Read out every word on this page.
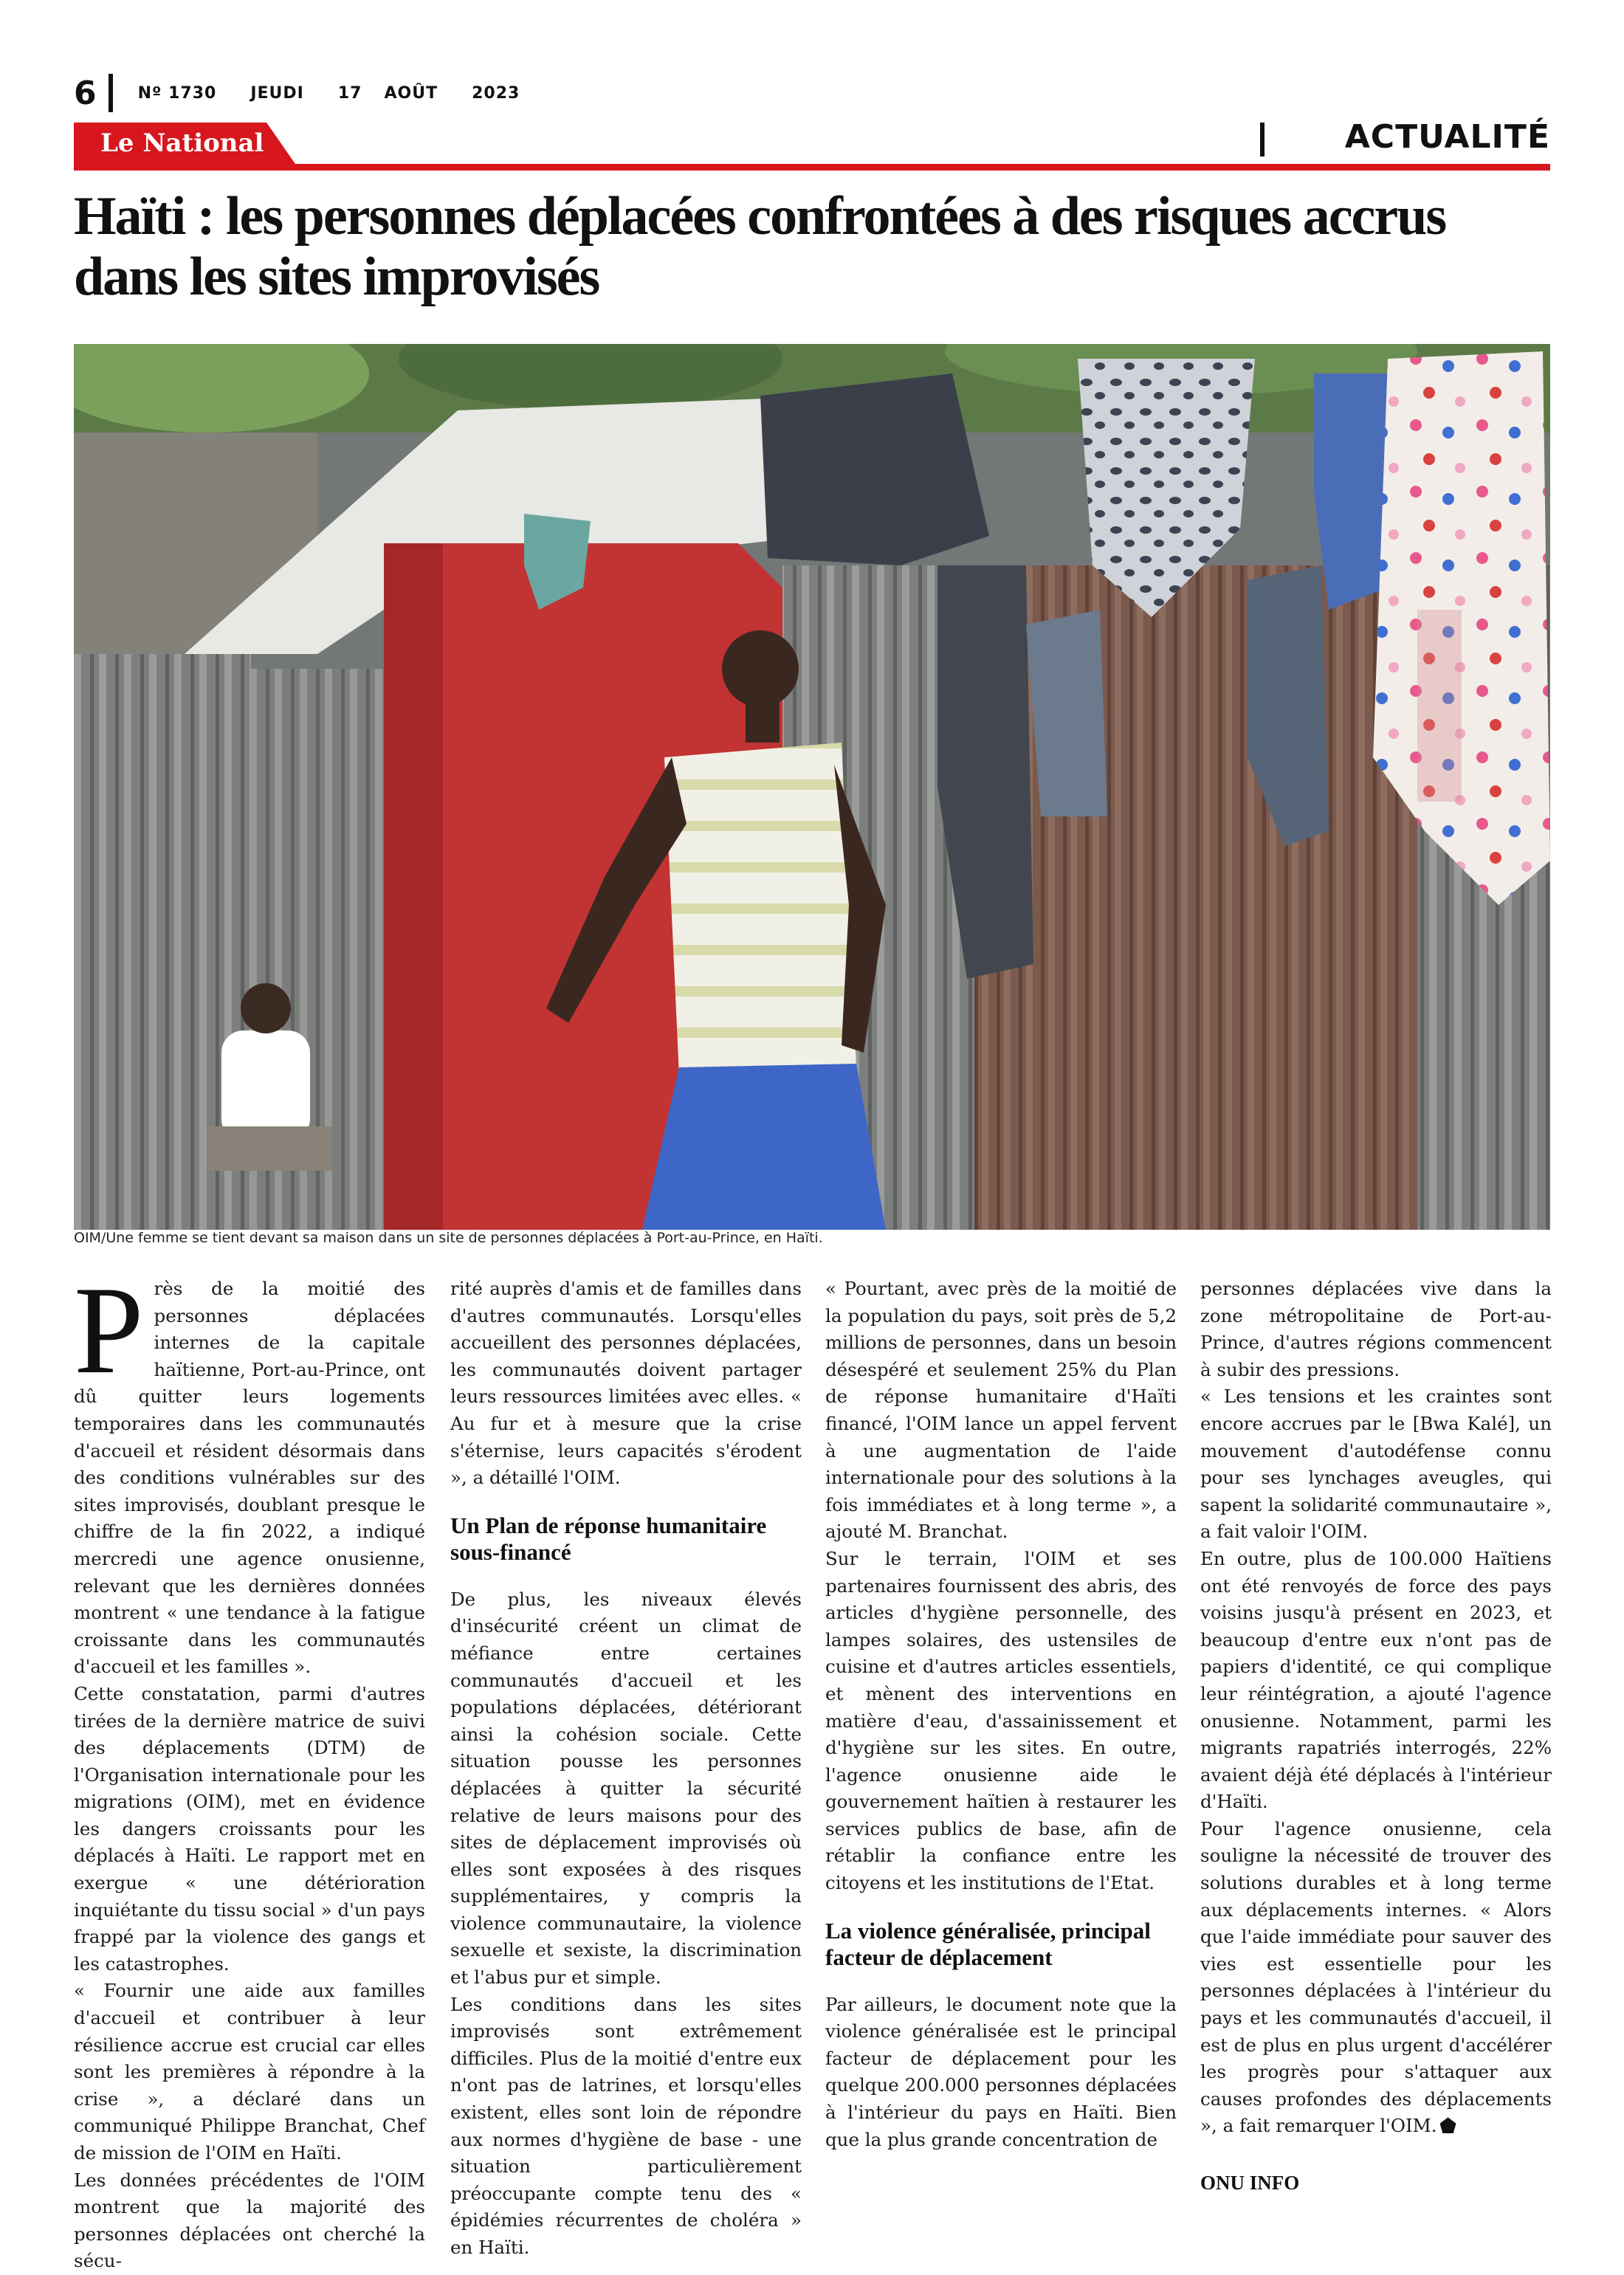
6	Nº 1730 JEUDI 17 AOÛT 2023
Le National	ACTUALITÉ
Haïti : les personnes déplacées confrontées à des risques accrus dans les sites improvisés
OIM/Une femme se tient devant sa maison dans un site de personnes déplacées à Port-au-Prince, en Haïti.
P rès de la moitié des personnes déplacées internes de la capitale haïtienne, Port-au-Prince, ont dû quitter leurs logements temporaires dans les communautés d'accueil et résident désormais dans des conditions vulnérables sur des sites improvisés, doublant presque le chiffre de la fin 2022, a indiqué mercredi une agence onusienne, relevant que les dernières données montrent « une tendance à la fatigue croissante dans les communautés d'accueil et les familles ».

Cette constatation, parmi d'autres tirées de la dernière matrice de suivi des déplacements (DTM) de l'Organisation internationale pour les migrations (OIM), met en évidence les dangers croissants pour les déplacés à Haïti. Le rapport met en exergue « une détérioration inquiétante du tissu social » d'un pays frappé par la violence des gangs et les catastrophes.

« Fournir une aide aux familles d'accueil et contribuer à leur résilience accrue est crucial car elles sont les premières à répondre à la crise », a déclaré dans un communiqué Philippe Branchat, Chef de mission de l'OIM en Haïti.

Les données précédentes de l'OIM montrent que la majorité des personnes déplacées ont cherché la sécu-

rité auprès d'amis et de familles dans d'autres communautés. Lorsqu'elles accueillent des personnes déplacées, les communautés doivent partager leurs ressources limitées avec elles. « Au fur et à mesure que la crise s'éternise, leurs capacités s'érodent », a détaillé l'OIM.

Un Plan de réponse humanitaire sous-financé

De plus, les niveaux élevés d'insécurité créent un climat de méfiance entre certaines communautés d'accueil et les populations déplacées, détériorant ainsi la cohésion sociale. Cette situation pousse les personnes déplacées à quitter la sécurité relative de leurs maisons pour des sites de déplacement improvisés où elles sont exposées à des risques supplémentaires, y compris la violence communautaire, la violence sexuelle et sexiste, la discrimination et l'abus pur et simple.

Les conditions dans les sites improvisés sont extrêmement difficiles. Plus de la moitié d'entre eux n'ont pas de latrines, et lorsqu'elles existent, elles sont loin de répondre aux normes d'hygiène de base - une situation particulièrement préoccupante compte tenu des « épidémies récurrentes de choléra » en Haïti.

« Pourtant, avec près de la moitié de la population du pays, soit près de 5,2 millions de personnes, dans un besoin désespéré et seulement 25% du Plan de réponse humanitaire d'Haïti financé, l'OIM lance un appel fervent à une augmentation de l'aide internationale pour des solutions à la fois immédiates et à long terme », a ajouté M. Branchat.

Sur le terrain, l'OIM et ses partenaires fournissent des abris, des articles d'hygiène personnelle, des lampes solaires, des ustensiles de cuisine et d'autres articles essentiels, et mènent des interventions en matière d'eau, d'assainissement et d'hygiène sur les sites. En outre, l'agence onusienne aide le gouvernement haïtien à restaurer les services publics de base, afin de rétablir la confiance entre les citoyens et les institutions de l'Etat.

La violence généralisée, principal facteur de déplacement

Par ailleurs, le document note que la violence généralisée est le principal facteur de déplacement pour les quelque 200.000 personnes déplacées à l'intérieur du pays en Haïti. Bien que la plus grande concentration de

personnes déplacées vive dans la zone métropolitaine de Port-au-Prince, d'autres régions commencent à subir des pressions.

« Les tensions et les craintes sont encore accrues par le [Bwa Kalé], un mouvement d'autodéfense connu pour ses lynchages aveugles, qui sapent la solidarité communautaire », a fait valoir l'OIM.

En outre, plus de 100.000 Haïtiens ont été renvoyés de force des pays voisins jusqu'à présent en 2023, et beaucoup d'entre eux n'ont pas de papiers d'identité, ce qui complique leur réintégration, a ajouté l'agence onusienne. Notamment, parmi les migrants rapatriés interrogés, 22% avaient déjà été déplacés à l'intérieur d'Haïti.

Pour l'agence onusienne, cela souligne la nécessité de trouver des solutions durables et à long terme aux déplacements internes. « Alors que l'aide immédiate pour sauver des vies est essentielle pour les personnes déplacées à l'intérieur du pays et les communautés d'accueil, il est de plus en plus urgent d'accélérer les progrès pour s'attaquer aux causes profondes des déplacements », a fait remarquer l'OIM.

ONU INFO
